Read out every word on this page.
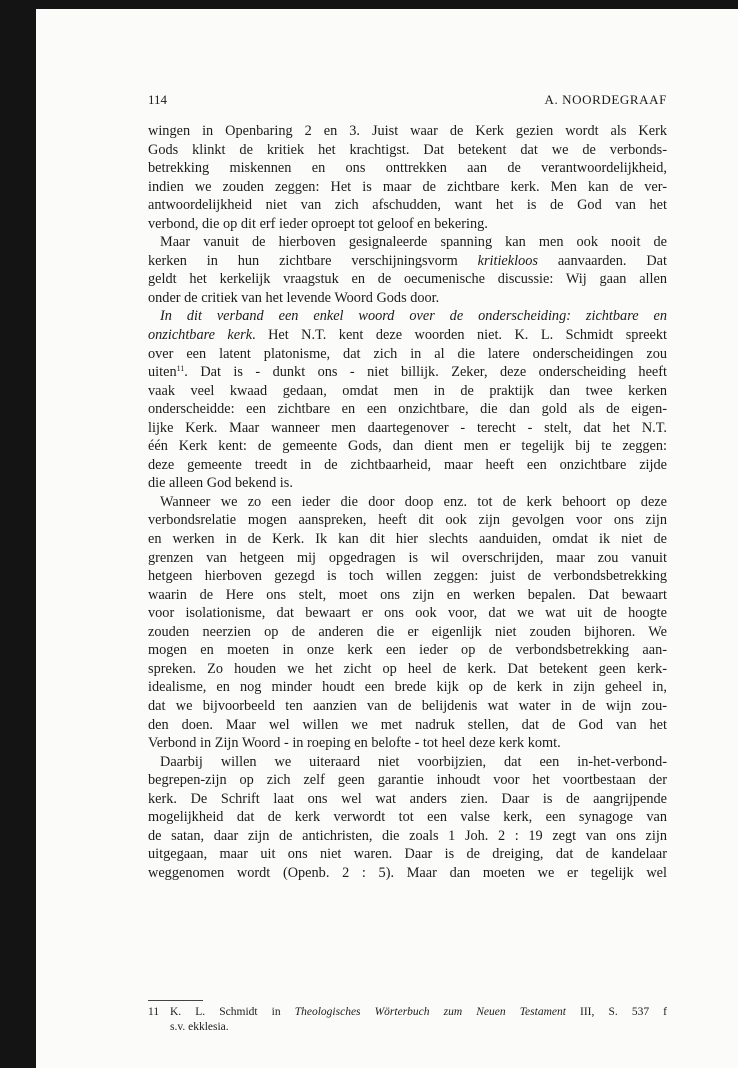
114	A. NOORDEGRAAF
wingen in Openbaring 2 en 3. Juist waar de Kerk gezien wordt als Kerk
Gods klinkt de kritiek het krachtigst. Dat betekent dat we de verbonds-
betrekking miskennen en ons onttrekken aan de verantwoordelijkheid,
indien we zouden zeggen: Het is maar de zichtbare kerk. Men kan de ver-
antwoordelijkheid niet van zich afschudden, want het is de God van het
verbond, die op dit erf ieder oproept tot geloof en bekering.
Maar vanuit de hierboven gesignaleerde spanning kan men ook nooit de
kerken in hun zichtbare verschijningsvorm kritiekloos aanvaarden. Dat
geldt het kerkelijk vraagstuk en de oecumenische discussie: Wij gaan allen
onder de critiek van het levende Woord Gods door.
In dit verband een enkel woord over de onderscheiding: zichtbare en
onzichtbare kerk. Het N.T. kent deze woorden niet. K. L. Schmidt spreekt
over een latent platonisme, dat zich in al die latere onderscheidingen zou
uiten$^{11}$. Dat is - dunkt ons - niet billijk. Zeker, deze onderscheiding heeft
vaak veel kwaad gedaan, omdat men in de praktijk dan twee kerken
onderscheidde: een zichtbare en een onzichtbare, die dan gold als de eigen-
lijke Kerk. Maar wanneer men daartegenover - terecht - stelt, dat het N.T.
één Kerk kent: de gemeente Gods, dan dient men er tegelijk bij te zeggen:
deze gemeente treedt in de zichtbaarheid, maar heeft een onzichtbare zijde
die alleen God bekend is.
Wanneer we zo een ieder die door doop enz. tot de kerk behoort op deze
verbondsrelatie mogen aanspreken, heeft dit ook zijn gevolgen voor ons zijn
en werken in de Kerk. Ik kan dit hier slechts aanduiden, omdat ik niet de
grenzen van hetgeen mij opgedragen is wil overschrijden, maar zou vanuit
hetgeen hierboven gezegd is toch willen zeggen: juist de verbondsbetrekking
waarin de Here ons stelt, moet ons zijn en werken bepalen. Dat bewaart
voor isolationisme, dat bewaart er ons ook voor, dat we wat uit de hoogte
zouden neerzien op de anderen die er eigenlijk niet zouden bijhoren. We
mogen en moeten in onze kerk een ieder op de verbondsbetrekking aan-
spreken. Zo houden we het zicht op heel de kerk. Dat betekent geen kerk-
idealisme, en nog minder houdt een brede kijk op de kerk in zijn geheel in,
dat we bijvoorbeeld ten aanzien van de belijdenis wat water in de wijn zou-
den doen. Maar wel willen we met nadruk stellen, dat de God van het
Verbond in Zijn Woord - in roeping en belofte - tot heel deze kerk komt.
Daarbij willen we uiteraard niet voorbijzien, dat een in-het-verbond-
begrepen-zijn op zich zelf geen garantie inhoudt voor het voortbestaan der
kerk. De Schrift laat ons wel wat anders zien. Daar is de aangrijpende
mogelijkheid dat de kerk verwordt tot een valse kerk, een synagoge van
de satan, daar zijn de antichristen, die zoals 1 Joh. 2 : 19 zegt van ons zijn
uitgegaan, maar uit ons niet waren. Daar is de dreiging, dat de kandelaar
weggenomen wordt (Openb. 2 : 5). Maar dan moeten we er tegelijk wel
11 K. L. Schmidt in Theologisches Wörterbuch zum Neuen Testament III, S. 537 f
s.v. ekklesia.
